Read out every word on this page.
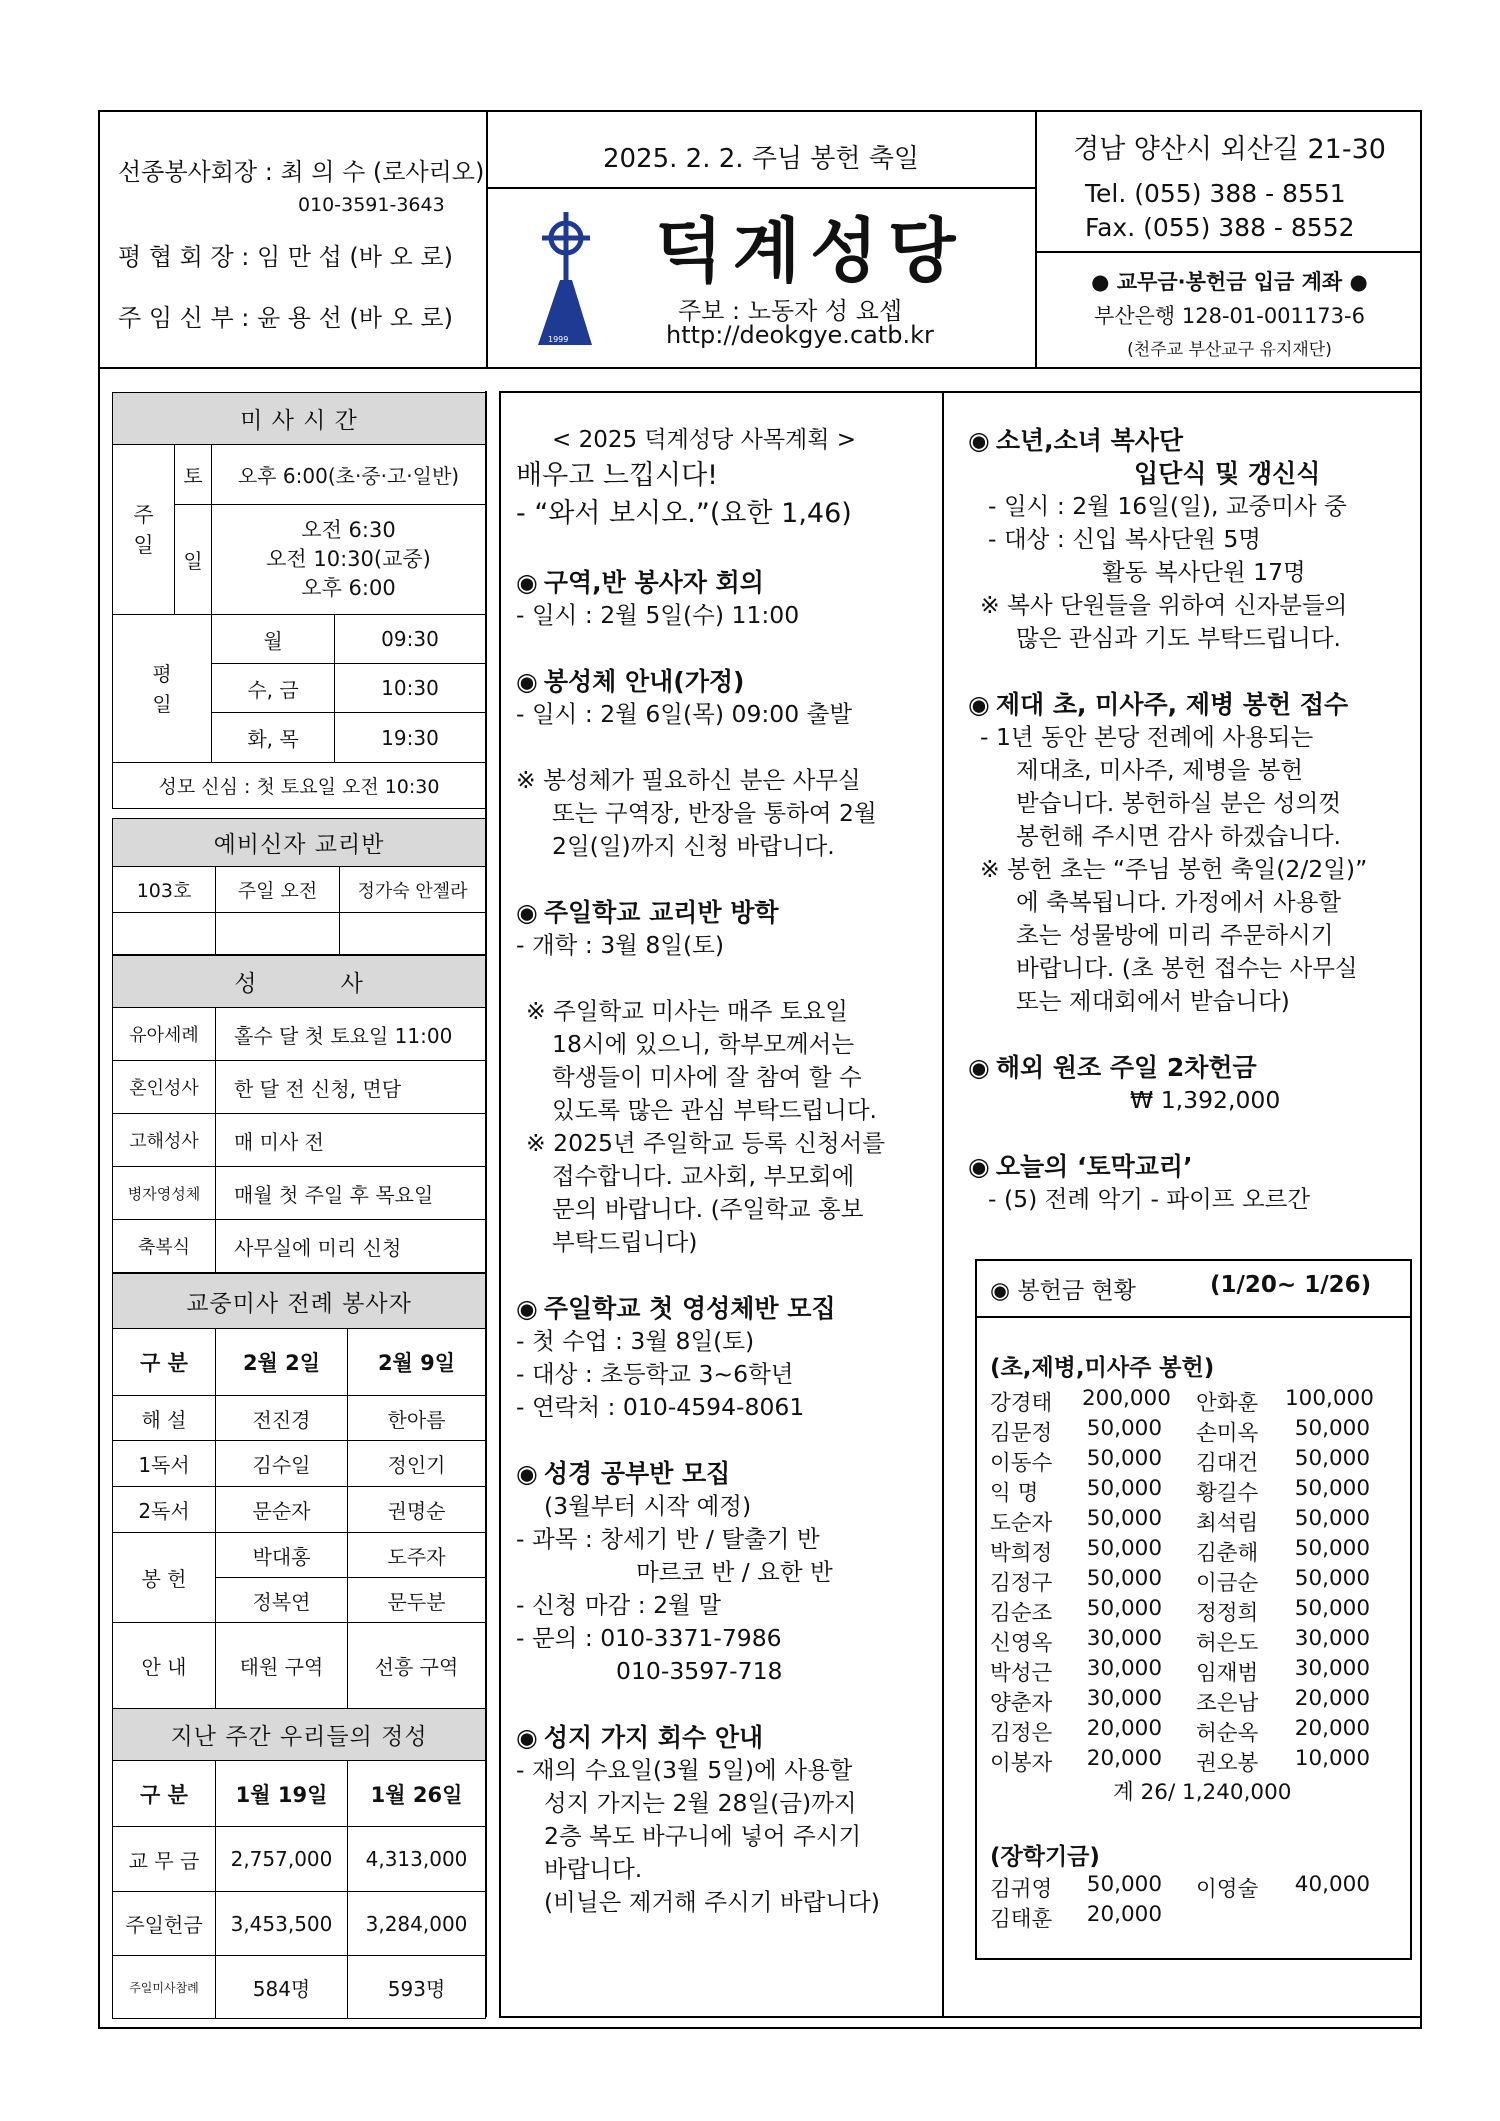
선종봉사회장 : 최 의 수 (로사리오)
010-3591-3643
평 협 회 장 : 임 만 섭 (바 오 로)
주 임 신 부 : 윤 용 선 (바 오 로)
2025. 2. 2. 주님 봉헌 축일
1999
덕계성당
주보 : 노동자 성 요셉
http://deokgye.catb.kr
경남 양산시 외산길 21-30
Tel. (055) 388 - 8551
Fax. (055) 388 - 8552
● 교무금·봉헌금 입금 계좌 ●
부산은행 128-01-001173-6
(천주교 부산교구 유지재단)
미 사 시 간			
주
일	토	오후 6:00(초·중·고·일반)	
	일	오전 6:30
오전 10:30(교중)
오후 6:00	

평
일		월	09:30
		수, 금	10:30
		화, 목	19:30
성모 신심 : 첫 토요일 오전 10:30			
예비신자 교리반		
103호	주일 오전	정가숙 안젤라

성          사	
유아세례	홀수 달 첫 토요일 11:00
혼인성사	한 달 전 신청, 면담
고해성사	매 미사 전
병자영성체	매월 첫 주일 후 목요일
축복식	사무실에 미리 신청
교중미사 전례 봉사자		
구 분	2월 2일	2월 9일
해 설	전진경	한아름
1독서	김수일	정인기
2독서	문순자	권명순
봉 헌	박대홍	도주자
	정복연	문두분
안 내	태원 구역	선흥 구역
지난 주간 우리들의 정성		
구 분	1월 19일	1월 26일
교 무 금	2,757,000	4,313,000
주일헌금	3,453,500	3,284,000
주일미사참례	584명	593명
< 2025 덕계성당 사목계획 >
배우고 느낍시다!
- “와서 보시오.”(요한 1,46)
◉ 구역,반 봉사자 회의
- 일시 : 2월 5일(수) 11:00
◉ 봉성체 안내(가정)
- 일시 : 2월 6일(목) 09:00 출발
※ 봉성체가 필요하신 분은 사무실
또는 구역장, 반장을 통하여 2월
2일(일)까지 신청 바랍니다.
◉ 주일학교 교리반 방학
- 개학 : 3월 8일(토)
※ 주일학교 미사는 매주 토요일
18시에 있으니, 학부모께서는
학생들이 미사에 잘 참여 할 수
있도록 많은 관심 부탁드립니다.
※ 2025년 주일학교 등록 신청서를
접수합니다. 교사회, 부모회에
문의 바랍니다. (주일학교 홍보
부탁드립니다)
◉ 주일학교 첫 영성체반 모집
- 첫 수업 : 3월 8일(토)
- 대상 : 초등학교 3~6학년
- 연락처 : 010-4594-8061
◉ 성경 공부반 모집
(3월부터 시작 예정)
- 과목 : 창세기 반 / 탈출기 반
마르코 반 / 요한 반
- 신청 마감 : 2월 말
- 문의 : 010-3371-7986
010-3597-718
◉ 성지 가지 회수 안내
- 재의 수요일(3월 5일)에 사용할
성지 가지는 2월 28일(금)까지
2층 복도 바구니에 넣어 주시기
바랍니다.
(비닐은 제거해 주시기 바랍니다)
◉ 소년,소녀 복사단
입단식 및 갱신식
- 일시 : 2월 16일(일), 교중미사 중
- 대상 : 신입 복사단원 5명
활동 복사단원 17명
※ 복사 단원들을 위하여 신자분들의
많은 관심과 기도 부탁드립니다.
◉ 제대 초, 미사주, 제병 봉헌 접수
- 1년 동안 본당 전례에 사용되는
제대초, 미사주, 제병을 봉헌
받습니다. 봉헌하실 분은 성의껏
봉헌해 주시면 감사 하겠습니다.
※ 봉헌 초는 “주님 봉헌 축일(2/2일)”
에 축복됩니다. 가정에서 사용할
초는 성물방에 미리 주문하시기
바랍니다. (초 봉헌 접수는 사무실
또는 제대회에서 받습니다)
◉ 해외 원조 주일 2차헌금
₩ 1,392,000
◉ 오늘의 ‘토막교리’
- (5) 전례 악기 - 파이프 오르간
◉ 봉헌금 현황	(1/20~ 1/26)
(초,제병,미사주 봉헌)
강경태 200,000 안화훈 100,000
김문정 50,000 손미옥	50,000
이동수 50,000 김대건	50,000
익 명 50,000 황길수	50,000
도순자 50,000 최석림	50,000
박희정 50,000 김춘해	50,000
김정구 50,000 이금순	50,000
김순조 50,000 정정희	50,000
신영옥 30,000 허은도	30,000
박성근 30,000 임재범	30,000
양춘자 30,000 조은남	20,000
김정은 20,000 허순옥	20,000
이봉자 20,000 권오봉	10,000
계 26/ 1,240,000
(장학기금)
김귀영 50,000 이영술	40,000
김태훈 20,000
